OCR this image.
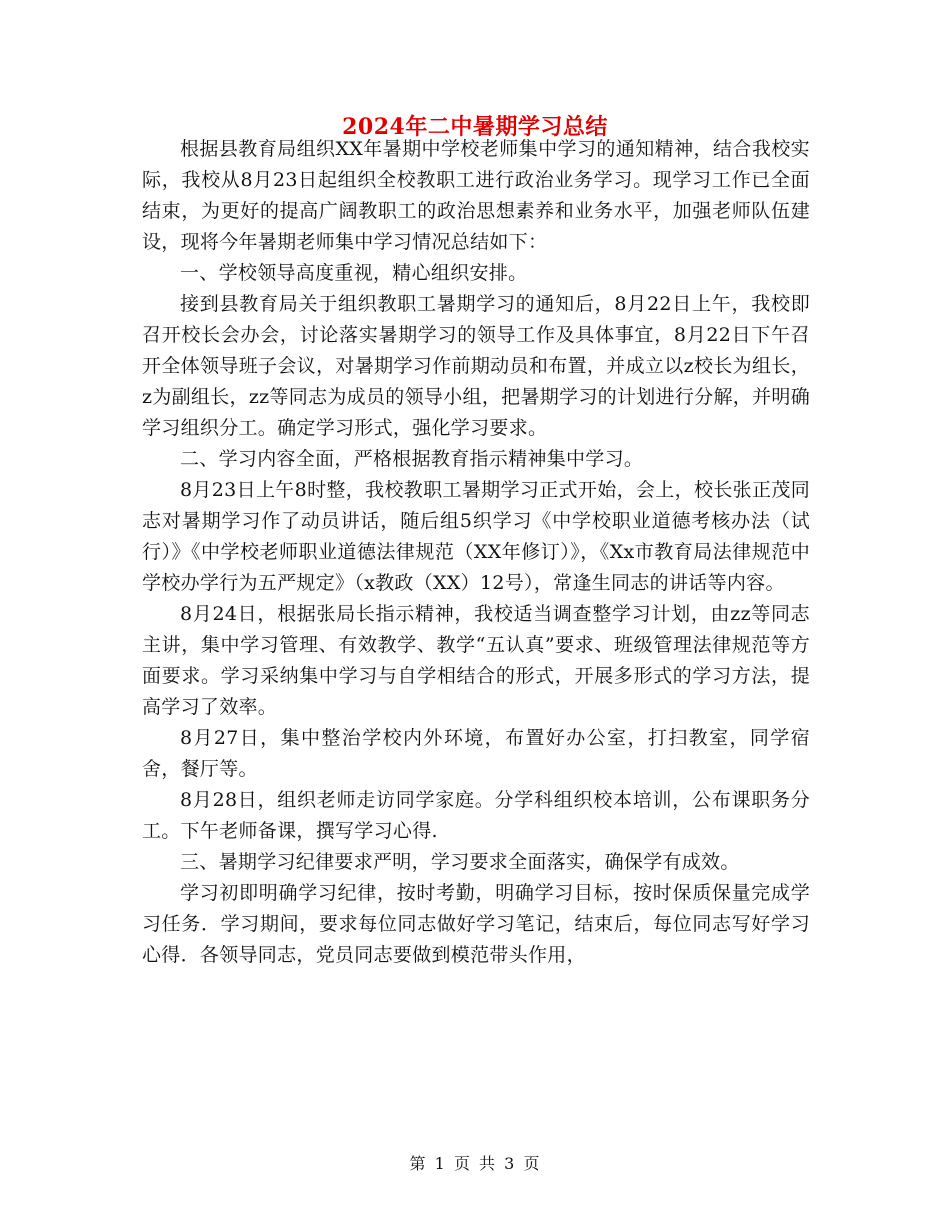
2024年二中暑期学习总结

根据县教育局组织XX年暑期中学校老师集中学习的通知精神，结合我校实际，我校从8月23日起组织全校教职工进行政治业务学习。现学习工作已全面结束，为更好的提高广阔教职工的政治思想素养和业务水平，加强老师队伍建设，现将今年暑期老师集中学习情况总结如下：

一、学校领导高度重视，精心组织安排。

接到县教育局关于组织教职工暑期学习的通知后，8月22日上午，我校即召开校长会办会，讨论落实暑期学习的领导工作及具体事宜，8月22日下午召开全体领导班子会议，对暑期学习作前期动员和布置，并成立以z校长为组长，z为副组长，zz等同志为成员的领导小组，把暑期学习的计划进行分解，并明确学习组织分工。确定学习形式，强化学习要求。

二、学习内容全面，严格根据教育指示精神集中学习。

8月23日上午8时整，我校教职工暑期学习正式开始，会上，校长张正茂同志对暑期学习作了动员讲话，随后组5织学习《中学校职业道德考核办法（试行）》《中学校老师职业道德法律规范（XX年修订）》，《Xx市教育局法律规范中学校办学行为五严规定》（x教政（XX）12号），常逢生同志的讲话等内容。

8月24日，根据张局长指示精神，我校适当调查整学习计划，由zz等同志主讲，集中学习管理、有效教学、教学“五认真”要求、班级管理法律规范等方面要求。学习采纳集中学习与自学相结合的形式，开展多形式的学习方法，提高学习了效率。

8月27日，集中整治学校内外环境，布置好办公室，打扫教室，同学宿舍，餐厅等。

8月28日，组织老师走访同学家庭。分学科组织校本培训，公布课职务分工。下午老师备课，撰写学习心得.

三、暑期学习纪律要求严明，学习要求全面落实，确保学有成效。

学习初即明确学习纪律，按时考勤，明确学习目标，按时保质保量完成学习任务．学习期间，要求每位同志做好学习笔记，结束后，每位同志写好学习心得．各领导同志，党员同志要做到模范带头作用，

第 1 页 共 3 页
